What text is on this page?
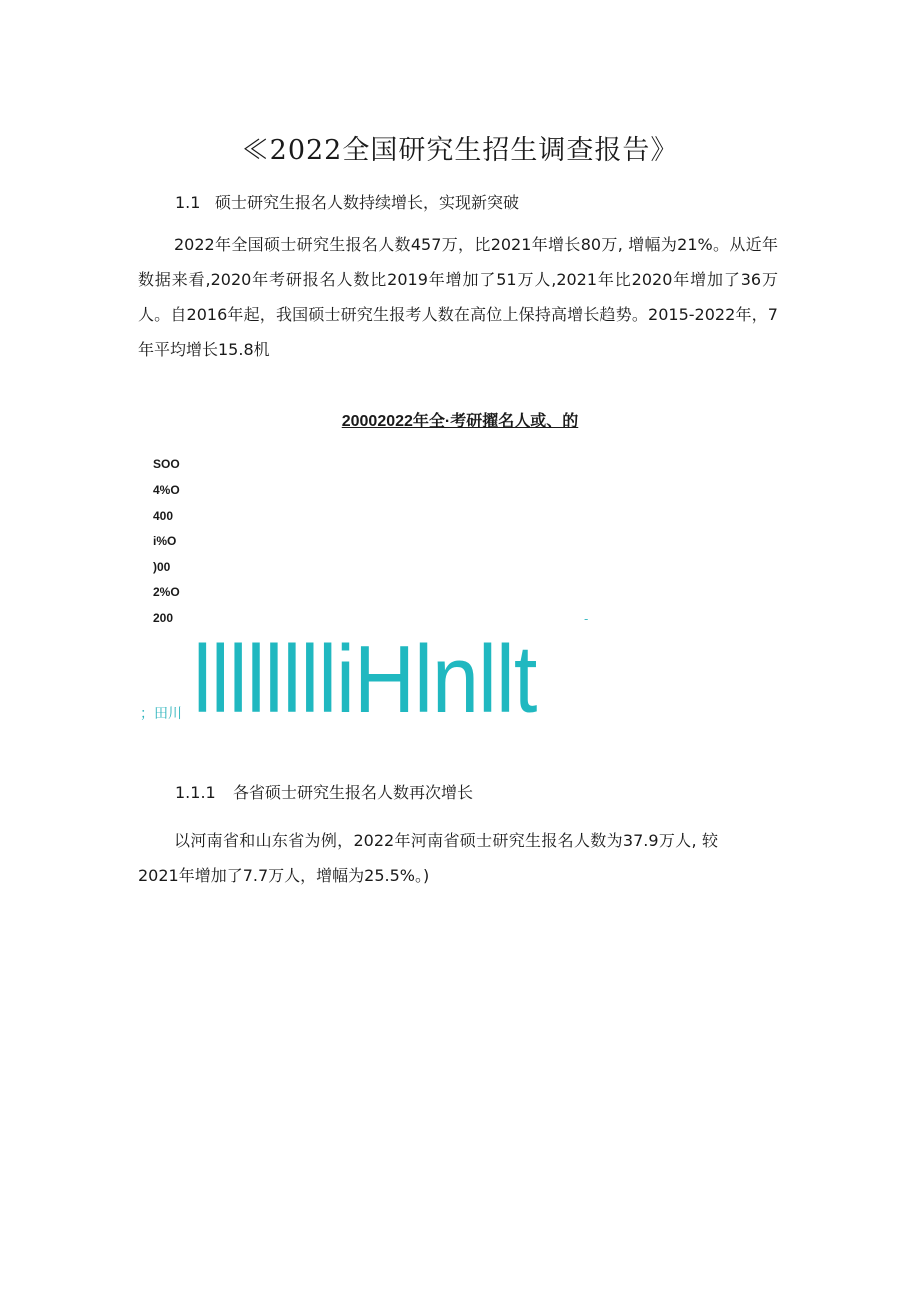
≪2022全国研究生招生调查报告》
1.1 硕士研究生报名人数持续增长，实现新突破

2022年全国硕士研究生报名人数457万，比2021年增长80万, 增幅为21%。从近年数据来看,2020年考研报名人数比2019年增加了51万人,2021年比2020年增加了36万人。自2016年起，我国硕士研究生报考人数在高位上保持高增长趋势。2015-2022年，7年平均增长15.8机

20002022年全·考研擢名人或、的
SOO
4%O
400
i%O
)00
2%O
200	-
；田川 lllllllliHlnllt
1.1.1 各省硕士研究生报名人数再次增长

以河南省和山东省为例，2022年河南省硕士研究生报名人数为37.9万人, 较2021年增加了7.7万人，增幅为25.5%。)
